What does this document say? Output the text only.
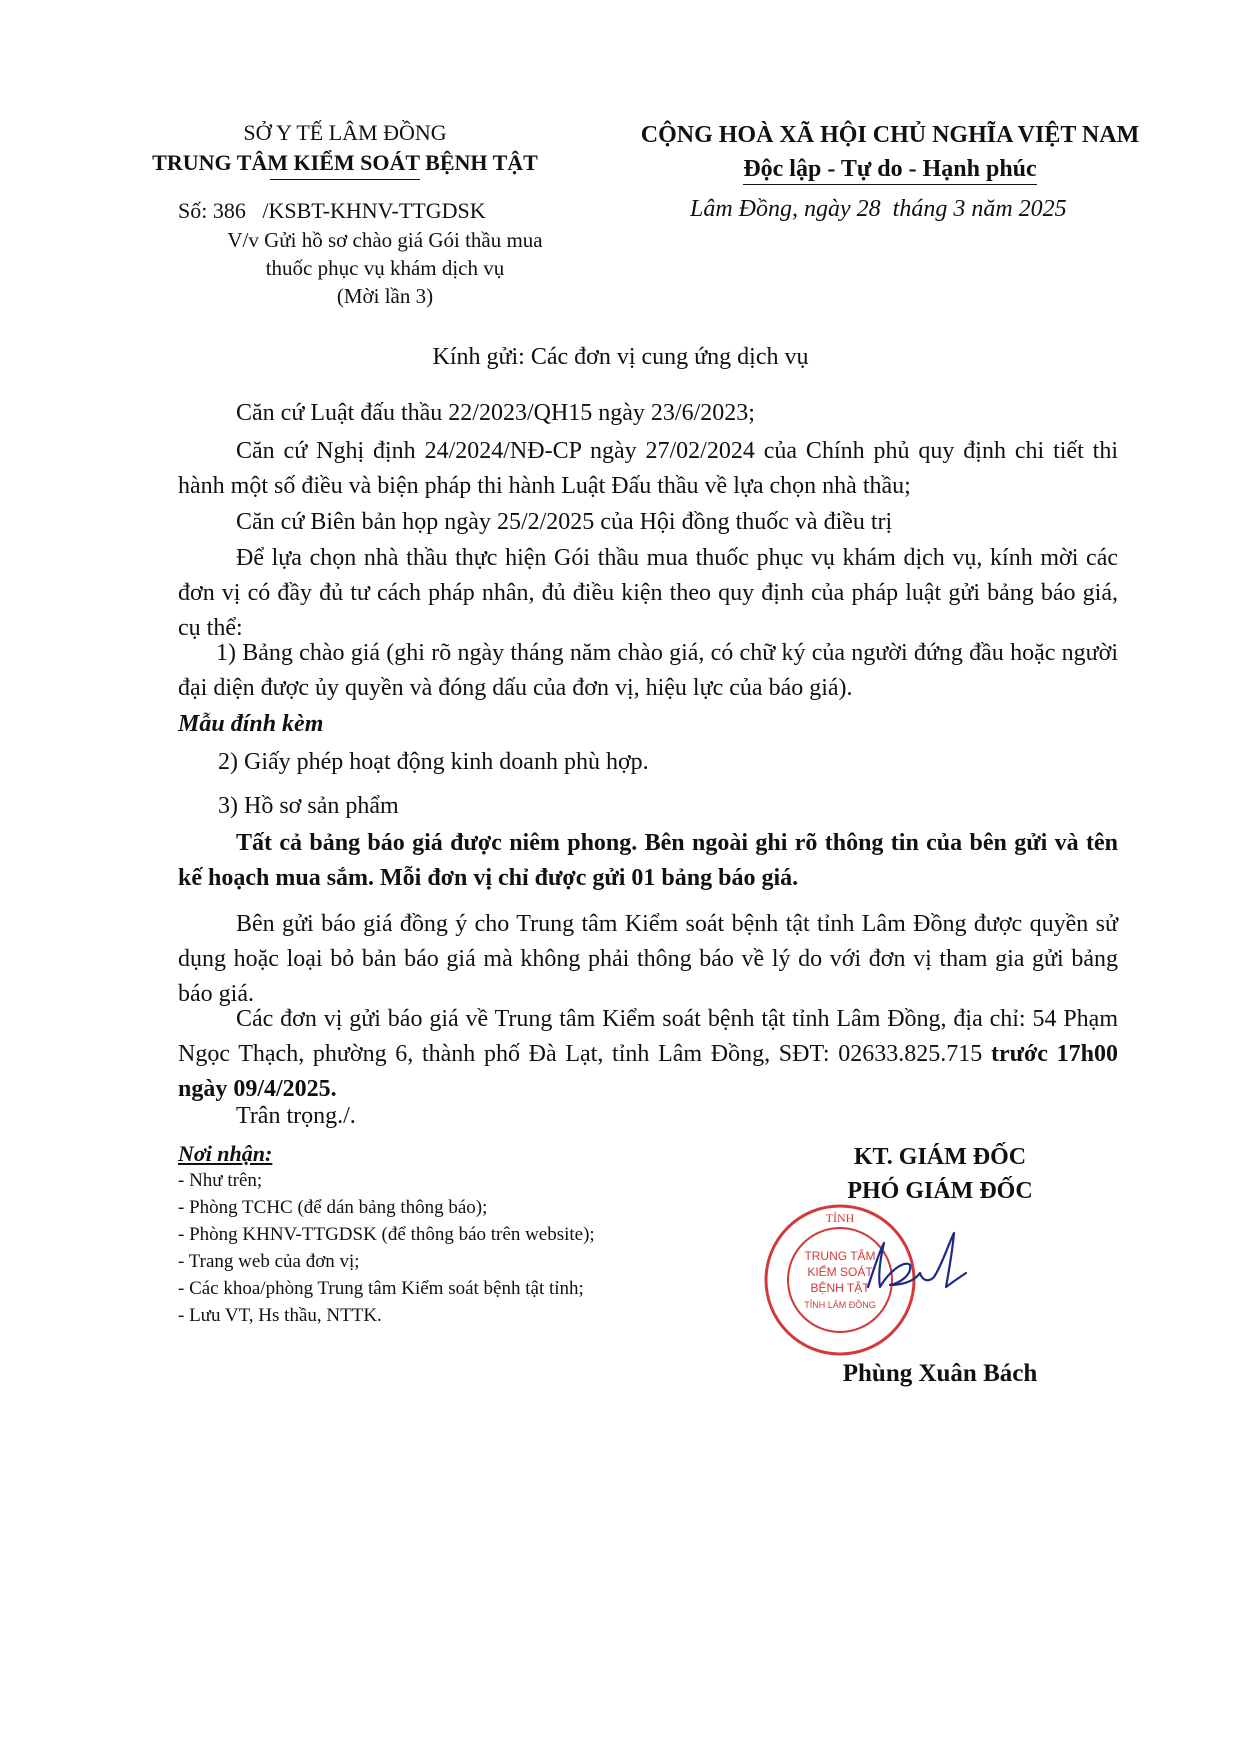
SỞ Y TẾ LÂM ĐỒNG
TRUNG TÂM KIỂM SOÁT BỆNH TẬT
CỘNG HOÀ XÃ HỘI CHỦ NGHĨA VIỆT NAM
Độc lập - Tự do - Hạnh phúc
Số: 386   /KSBT-KHNV-TTGDSK
V/v Gửi hồ sơ chào giá Gói thầu mua
thuốc phục vụ khám dịch vụ
(Mời lần 3)
Lâm Đồng, ngày 28  tháng 3 năm 2025
Kính gửi: Các đơn vị cung ứng dịch vụ
Căn cứ Luật đấu thầu 22/2023/QH15 ngày 23/6/2023;
Căn cứ Nghị định 24/2024/NĐ-CP ngày 27/02/2024 của Chính phủ quy định chi tiết thi hành một số điều và biện pháp thi hành Luật Đấu thầu về lựa chọn nhà thầu;
Căn cứ Biên bản họp ngày 25/2/2025 của Hội đồng thuốc và điều trị
Để lựa chọn nhà thầu thực hiện Gói thầu mua thuốc phục vụ khám dịch vụ, kính mời các đơn vị có đầy đủ tư cách pháp nhân, đủ điều kiện theo quy định của pháp luật gửi bảng báo giá, cụ thể:
1) Bảng chào giá (ghi rõ ngày tháng năm chào giá, có chữ ký của người đứng đầu hoặc người đại diện được ủy quyền và đóng dấu của đơn vị, hiệu lực của báo giá).
Mẫu đính kèm
2) Giấy phép hoạt động kinh doanh phù hợp.
3) Hồ sơ sản phẩm
Tất cả bảng báo giá được niêm phong. Bên ngoài ghi rõ thông tin của bên gửi và tên kế hoạch mua sắm. Mỗi đơn vị chỉ được gửi 01 bảng báo giá.
Bên gửi báo giá đồng ý cho Trung tâm Kiểm soát bệnh tật tỉnh Lâm Đồng được quyền sử dụng hoặc loại bỏ bản báo giá mà không phải thông báo về lý do với đơn vị tham gia gửi bảng báo giá.
Các đơn vị gửi báo giá về Trung tâm Kiểm soát bệnh tật tỉnh Lâm Đồng, địa chỉ: 54 Phạm Ngọc Thạch, phường 6, thành phố Đà Lạt, tỉnh Lâm Đồng, SĐT: 02633.825.715 trước 17h00 ngày 09/4/2025.
Trân trọng./.
Nơi nhận:
- Như trên;
- Phòng TCHC (để dán bảng thông báo);
- Phòng KHNV-TTGDSK (để thông báo trên website);
- Trang web của đơn vị;
- Các khoa/phòng Trung tâm Kiểm soát bệnh tật tỉnh;
- Lưu VT, Hs thầu, NTTK.
KT. GIÁM ĐỐC
PHÓ GIÁM ĐỐC
TỈNH
TRUNG TÂM
KIỂM SOÁT
BỆNH TẬT
TỈNH LÂM ĐỒNG
Phùng Xuân Bách
